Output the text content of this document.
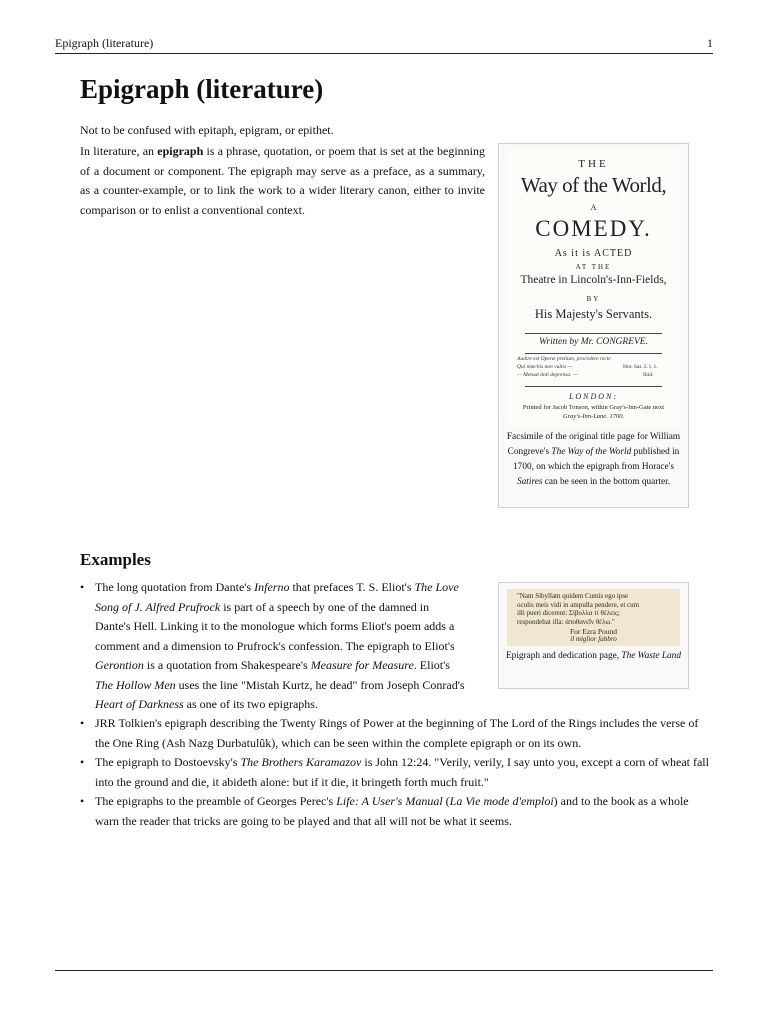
Epigraph (literature)	1
Epigraph (literature)

Not to be confused with epitaph, epigram, or epithet.

In literature, an epigraph is a phrase, quotation, or poem that is set at the beginning of a document or component. The epigraph may serve as a preface, as a summary, as a counter-example, or to link the work to a wider literary canon, either to invite comparison or to enlist a conventional context.

THE
Way of the World,
A
COMEDY.
As it is ACTED
AT THE
Theatre in Lincoln's-Inn-Fields,
BY
His Majesty's Servants.
Written by Mr. CONGREVE.
Audire est Operæ pretium, procedere recte
Qui mœchis non vultis —	Hor. Sat. 2. l. 1.
— Metuat doti deprensa. —	Ibid.
LONDON:
Printed for Jacob Tonson, within Gray's-Inn-Gate next
Gray's-Inn-Lane. 1700.

Facsimile of the original title page for William Congreve's The Way of the World published in 1700, on which the epigraph from Horace's Satires can be seen in the bottom quarter.

Examples
"Nam Sibyllam quidem Cumis ego ipse
oculis meis vidi in ampulla pendere, et cum
illi pueri dicerent: Σίβυλλα τί θέλεις;
respondebat illa: ἀποθανεῖν θέλω."
For Ezra Pound
il miglior fabbro

Epigraph and dedication page, The Waste Land

• The long quotation from Dante's Inferno that prefaces T. S. Eliot's The Love Song of J. Alfred Prufrock is part of a speech by one of the damned in Dante's Hell. Linking it to the monologue which forms Eliot's poem adds a comment and a dimension to Prufrock's confession. The epigraph to Eliot's Gerontion is a quotation from Shakespeare's Measure for Measure. Eliot's The Hollow Men uses the line "Mistah Kurtz, he dead" from Joseph Conrad's Heart of Darkness as one of its two epigraphs.
• JRR Tolkien's epigraph describing the Twenty Rings of Power at the beginning of The Lord of the Rings includes the verse of the One Ring (Ash Nazg Durbatulûk), which can be seen within the complete epigraph or on its own.
• The epigraph to Dostoevsky's The Brothers Karamazov is John 12:24. "Verily, verily, I say unto you, except a corn of wheat fall into the ground and die, it abideth alone: but if it die, it bringeth forth much fruit."
• The epigraphs to the preamble of Georges Perec's Life: A User's Manual (La Vie mode d'emploi) and to the book as a whole warn the reader that tricks are going to be played and that all will not be what it seems.
